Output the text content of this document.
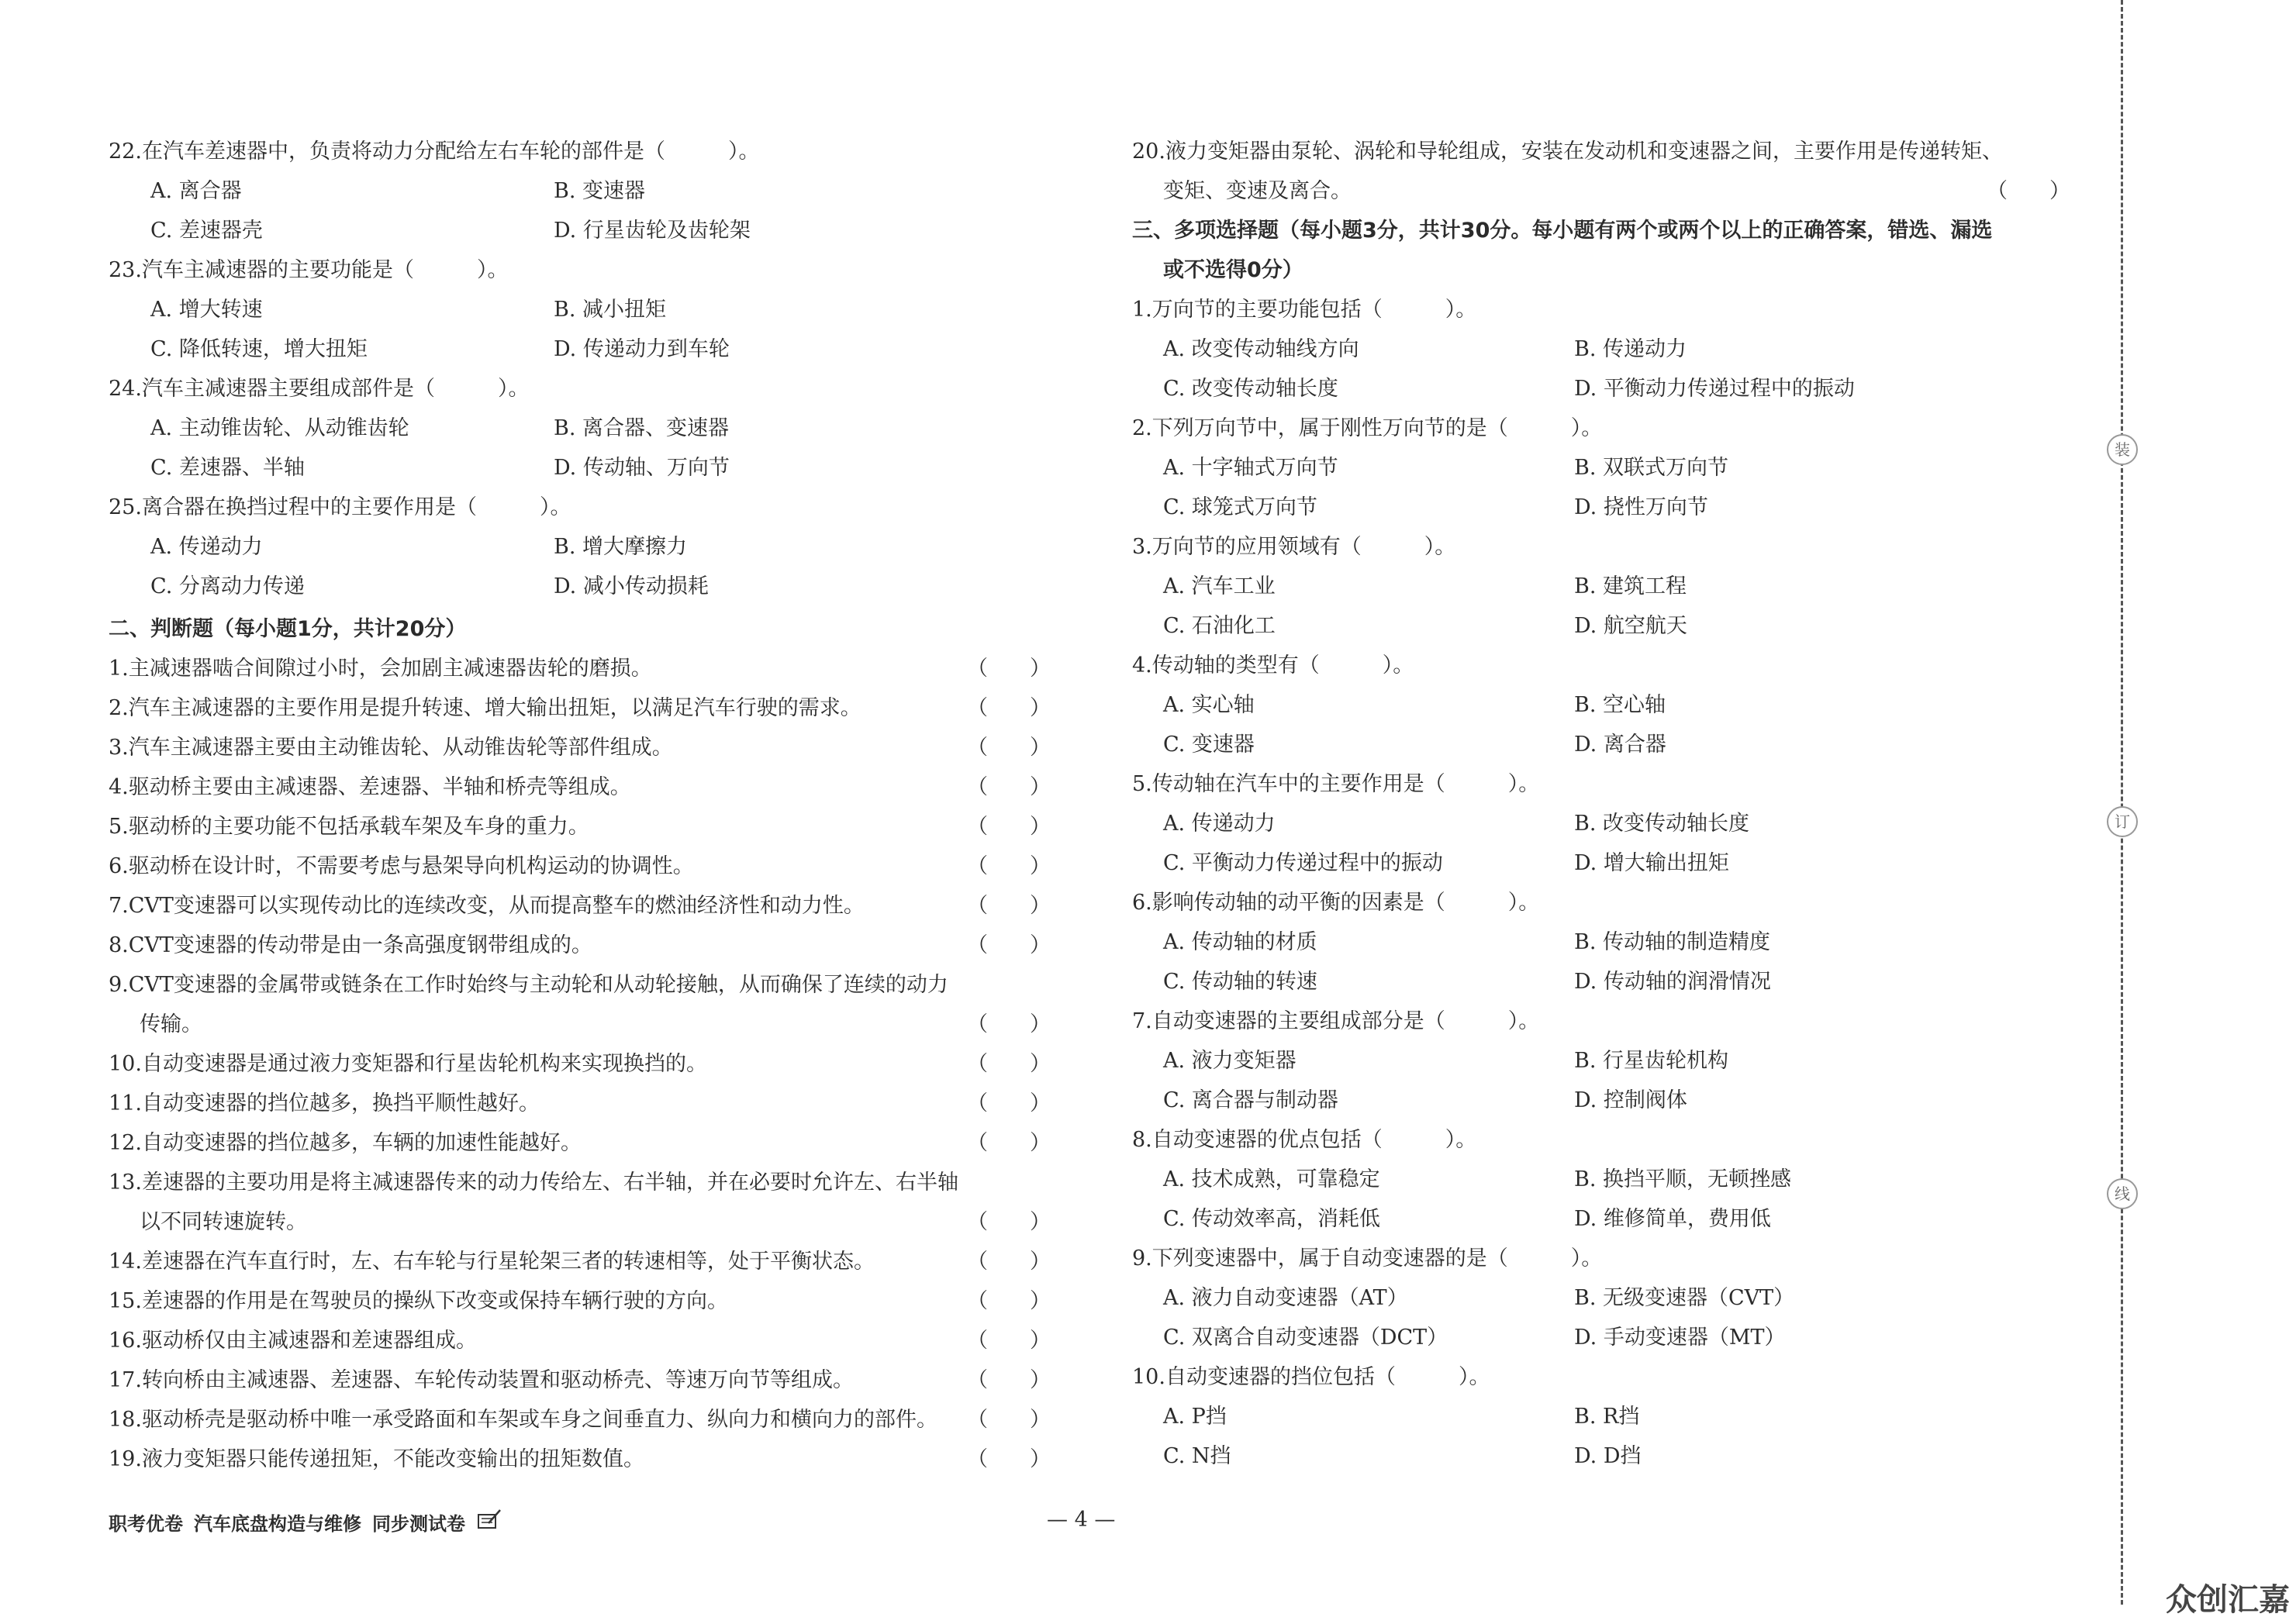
22.在汽车差速器中，负责将动力分配给左右车轮的部件是（　　　）。
A. 离合器	B. 变速器
C. 差速器壳	D. 行星齿轮及齿轮架
23.汽车主减速器的主要功能是（　　　）。
A. 增大转速	B. 减小扭矩
C. 降低转速，增大扭矩	D. 传递动力到车轮
24.汽车主减速器主要组成部件是（　　　）。
A. 主动锥齿轮、从动锥齿轮	B. 离合器、变速器
C. 差速器、半轴	D. 传动轴、万向节
25.离合器在换挡过程中的主要作用是（　　　）。
A. 传递动力	B. 增大摩擦力
C. 分离动力传递	D. 减小传动损耗
二、判断题（每小题1分，共计20分）
1.主减速器啮合间隙过小时，会加剧主减速器齿轮的磨损。	（　　）
2.汽车主减速器的主要作用是提升转速、增大输出扭矩，以满足汽车行驶的需求。	（　　）
3.汽车主减速器主要由主动锥齿轮、从动锥齿轮等部件组成。	（　　）
4.驱动桥主要由主减速器、差速器、半轴和桥壳等组成。	（　　）
5.驱动桥的主要功能不包括承载车架及车身的重力。	（　　）
6.驱动桥在设计时，不需要考虑与悬架导向机构运动的协调性。	（　　）
7.CVT变速器可以实现传动比的连续改变，从而提高整车的燃油经济性和动力性。	（　　）
8.CVT变速器的传动带是由一条高强度钢带组成的。	（　　）
9.CVT变速器的金属带或链条在工作时始终与主动轮和从动轮接触，从而确保了连续的动力
传输。	（　　）
10.自动变速器是通过液力变矩器和行星齿轮机构来实现换挡的。	（　　）
11.自动变速器的挡位越多，换挡平顺性越好。	（　　）
12.自动变速器的挡位越多，车辆的加速性能越好。	（　　）
13.差速器的主要功用是将主减速器传来的动力传给左、右半轴，并在必要时允许左、右半轴
以不同转速旋转。	（　　）
14.差速器在汽车直行时，左、右车轮与行星轮架三者的转速相等，处于平衡状态。	（　　）
15.差速器的作用是在驾驶员的操纵下改变或保持车辆行驶的方向。	（　　）
16.驱动桥仅由主减速器和差速器组成。	（　　）
17.转向桥由主减速器、差速器、车轮传动装置和驱动桥壳、等速万向节等组成。	（　　）
18.驱动桥壳是驱动桥中唯一承受路面和车架或车身之间垂直力、纵向力和横向力的部件。 （　　）
19.液力变矩器只能传递扭矩，不能改变输出的扭矩数值。	（　　）
20.液力变矩器由泵轮、涡轮和导轮组成，安装在发动机和变速器之间，主要作用是传递转矩、
变矩、变速及离合。	（　　）
三、多项选择题（每小题3分，共计30分。每小题有两个或两个以上的正确答案，错选、漏选
或不选得0分）
1.万向节的主要功能包括（　　　）。
A. 改变传动轴线方向	B. 传递动力
C. 改变传动轴长度	D. 平衡动力传递过程中的振动
2.下列万向节中，属于刚性万向节的是（　　　）。
A. 十字轴式万向节	B. 双联式万向节
C. 球笼式万向节	D. 挠性万向节
3.万向节的应用领域有（　　　）。
A. 汽车工业	B. 建筑工程
C. 石油化工	D. 航空航天
4.传动轴的类型有（　　　）。
A. 实心轴	B. 空心轴
C. 变速器	D. 离合器
5.传动轴在汽车中的主要作用是（　　　）。
A. 传递动力	B. 改变传动轴长度
C. 平衡动力传递过程中的振动	D. 增大输出扭矩
6.影响传动轴的动平衡的因素是（　　　）。
A. 传动轴的材质	B. 传动轴的制造精度
C. 传动轴的转速	D. 传动轴的润滑情况
7.自动变速器的主要组成部分是（　　　）。
A. 液力变矩器	B. 行星齿轮机构
C. 离合器与制动器	D. 控制阀体
8.自动变速器的优点包括（　　　）。
A. 技术成熟，可靠稳定	B. 换挡平顺，无顿挫感
C. 传动效率高，消耗低	D. 维修简单，费用低
9.下列变速器中，属于自动变速器的是（　　　）。
A. 液力自动变速器（AT）	B. 无级变速器（CVT）
C. 双离合自动变速器（DCT）	D. 手动变速器（MT）
10.自动变速器的挡位包括（　　　）。
A. P挡	B. R挡
C. N挡	D. D挡
职考优卷 汽车底盘构造与维修 同步测试卷	— 4 —
装
订
线
众创汇嘉
